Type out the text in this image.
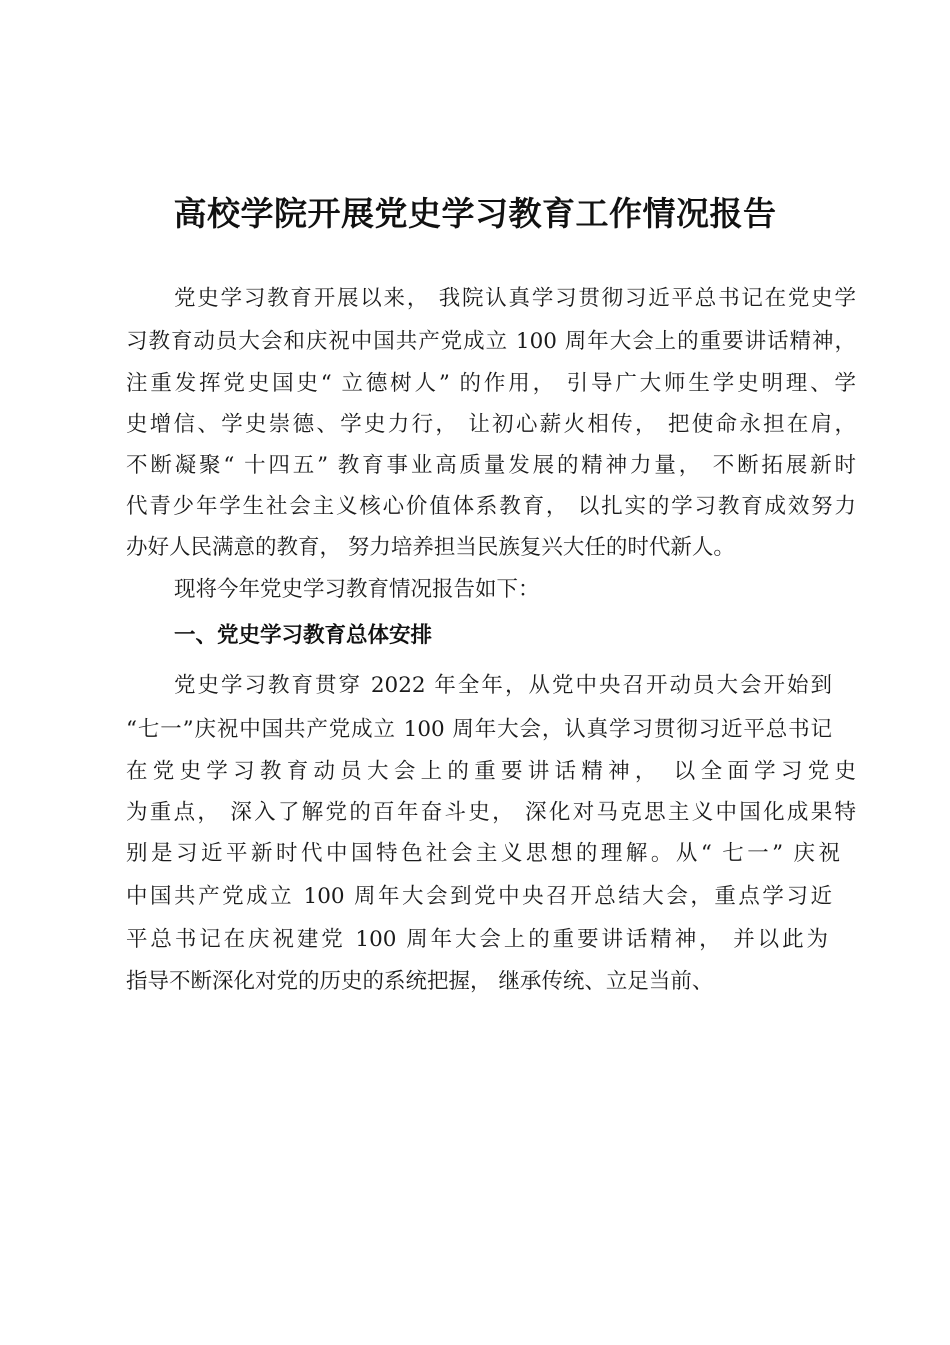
高校学院开展党史学习教育工作情况报告
党史学习教育开展以来， 我院认真学习贯彻习近平总书记在党史学
习教育动员大会和庆祝中国共产党成立 100 周年大会上的重要讲话精神，
注重发挥党史国史“ 立德树人” 的作用， 引导广大师生学史明理、学
史增信、学史崇德、学史力行， 让初心薪火相传， 把使命永担在肩，
不断凝聚“ 十四五” 教育事业高质量发展的精神力量， 不断拓展新时
代青少年学生社会主义核心价值体系教育， 以扎实的学习教育成效努力
办好人民满意的教育， 努力培养担当民族复兴大任的时代新人。
现将今年党史学习教育情况报告如下：
一、党史学习教育总体安排
党史学习教育贯穿 2022 年全年，从党中央召开动员大会开始到
“七一”庆祝中国共产党成立 100 周年大会，认真学习贯彻习近平总书记
在党史学习教育动员大会上的重要讲话精神， 以全面学习党史
为重点， 深入了解党的百年奋斗史， 深化对马克思主义中国化成果特
别是习近平新时代中国特色社会主义思想的理解。从“ 七一” 庆祝
中国共产党成立 100 周年大会到党中央召开总结大会，重点学习近
平总书记在庆祝建党 100 周年大会上的重要讲话精神， 并以此为
指导不断深化对党的历史的系统把握， 继承传统、立足当前、
